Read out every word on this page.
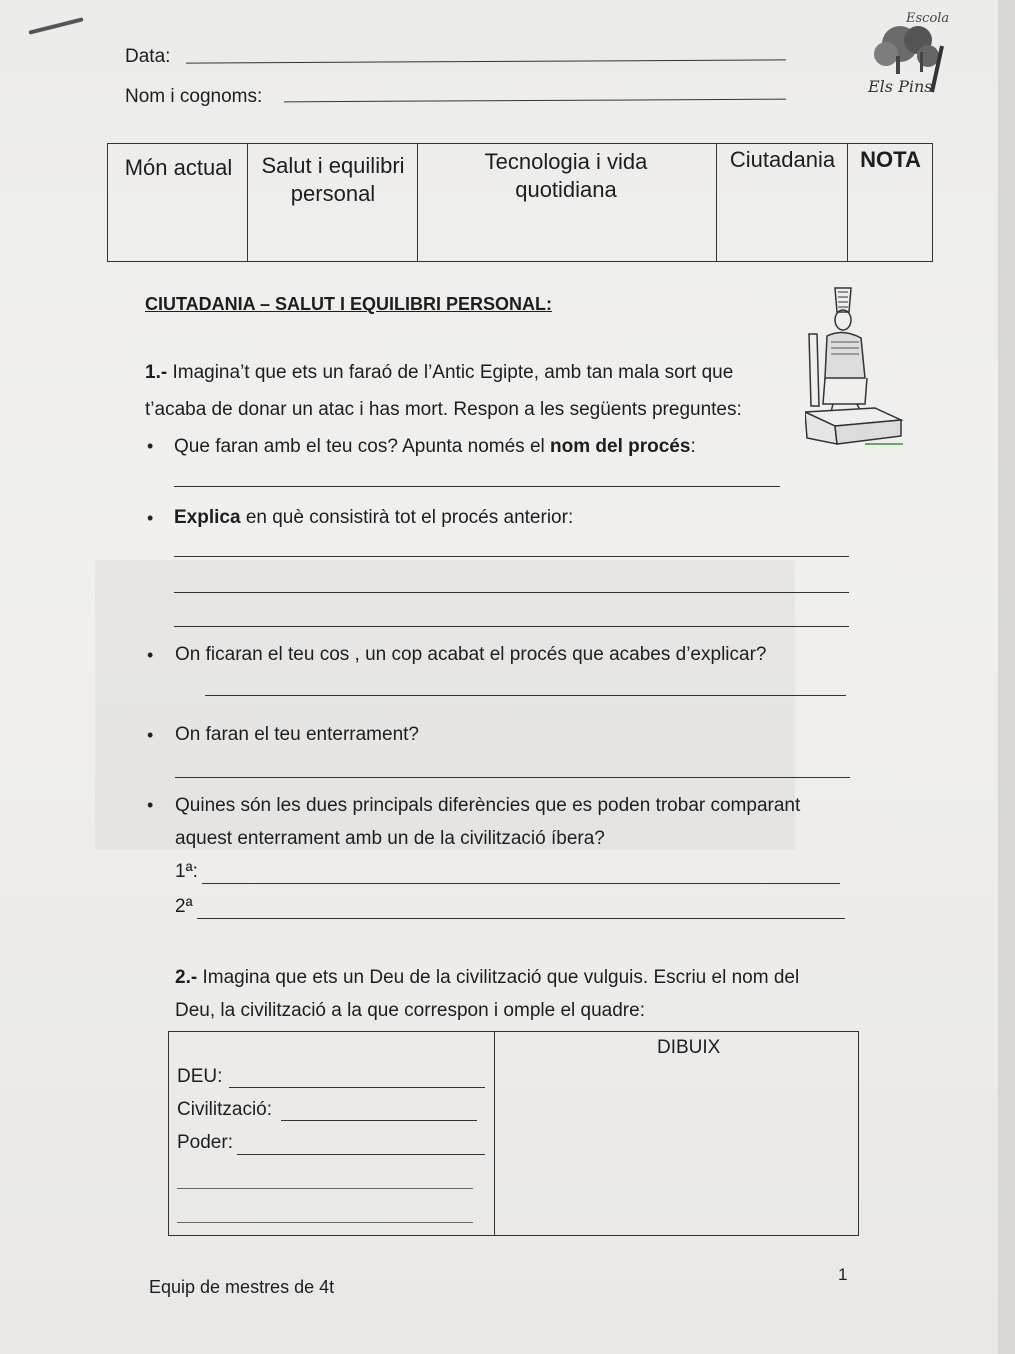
Data:
Nom i cognoms:
Escola
Els Pins
Món actual	Salut i equilibri personal
Tecnologia i vida quotidiana
Ciutadania	NOTA
CIUTADANIA – SALUT I EQUILIBRI PERSONAL:
1.- Imagina’t que ets un faraó de l’Antic Egipte, amb tan mala sort que
t’acaba de donar un atac i has mort. Respon a les següents preguntes:
• Que faran amb el teu cos? Apunta només el nom del procés:
• Explica en què consistirà tot el procés anterior:
• On ficaran el teu cos , un cop acabat el procés que acabes d’explicar?
• On faran el teu enterrament?
• Quines són les dues principals diferències que es poden trobar comparant
aquest enterrament amb un de la civilització íbera?
1ª:
2ª
2.- Imagina que ets un Deu de la civilització que vulguis. Escriu el nom del
Deu, la civilització a la que correspon i omple el quadre:
DIBUIX
DEU:
Civilització:
Poder:
Equip de mestres de 4t
1
